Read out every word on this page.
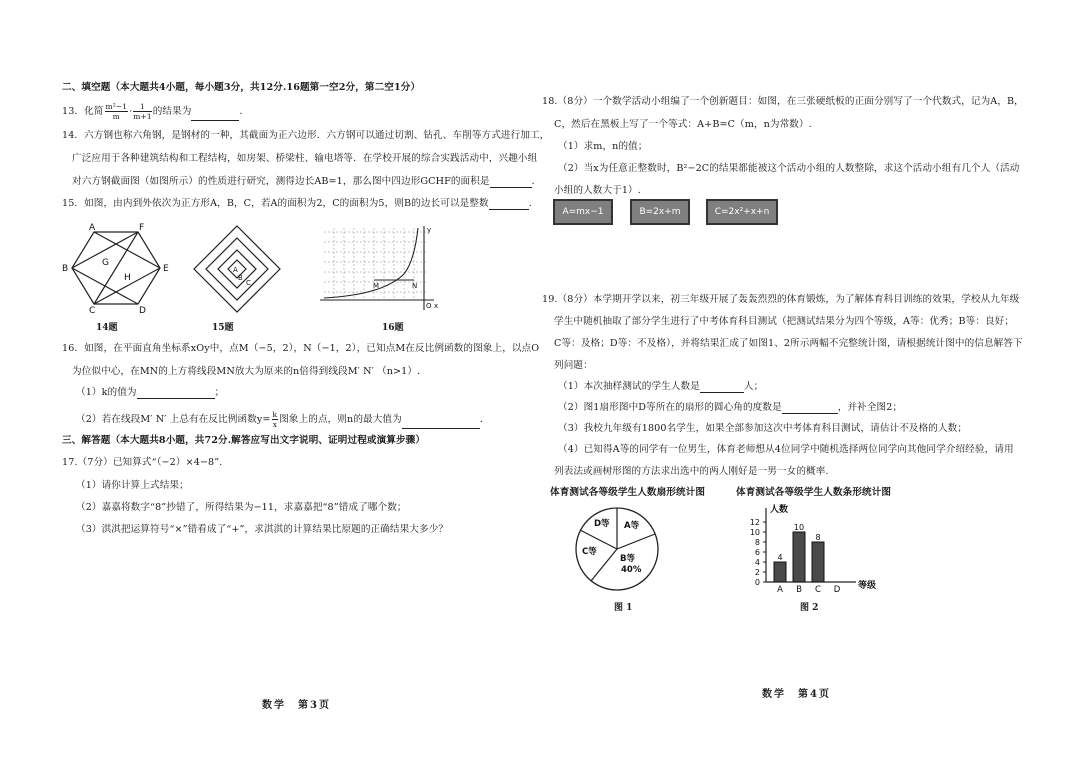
二、填空题（本大题共4小题，每小题3分，共12分.16题第一空2分，第二空1分）
13．化简 $\frac{\text{m²−1}}{m} \cdot \frac{1}{m+1}$ 的结果为	．
14．六方钢也称六角钢，是钢材的一种，其截面为正六边形．六方钢可以通过切割、钻孔、车削等方式进行加工，
广泛应用于各种建筑结构和工程结构，如房架、桥梁柱、输电塔等．在学校开展的综合实践活动中，兴趣小组
对六方钢截面图（如图所示）的性质进行研究，测得边长AB=1，那么图中四边形GCHF的面积是	．
15．如图，由内到外依次为正方形A，B，C，若A的面积为2，C的面积为5，则B的边长可以是整数	．
A	F
G
B	E
H
C	D
A
B
C
y
M	N
O x
14题	15题	16题
16．如图，在平面直角坐标系xOy中，点M（−5，2），N（−1，2），已知点M在反比例函数的图象上，以点O
为位似中心，在MN的上方将线段MN放大为原来的n倍得到线段M′ N′ （n>1）.
（1）k的值为	；
（2）若在线段M′ N′ 上总有在反比例函数$y= \frac{k}{x}$ 图象上的点，则n的最大值为	．
三、解答题（本大题共8小题，共72分.解答应写出文字说明、证明过程或演算步骤）
17.（7分）已知算式“（−2）×4−8”.
（1）请你计算上式结果；
（2）嘉嘉将数字“8”抄错了，所得结果为−11，求嘉嘉把“8”错成了哪个数；
（3）淇淇把运算符号“×”错看成了“+”，求淇淇的计算结果比原题的正确结果大多少？
数学　第3页
18.（8分）一个数学活动小组编了一个创新题目：如图，在三张硬纸板的正面分别写了一个代数式，记为A，B，
C，然后在黑板上写了一个等式：A+B=C（m，n为常数）.
（1）求m，n的值；
（2）当x为任意正整数时，B²−2C的结果都能被这个活动小组的人数整除，求这个活动小组有几个人（活动
小组的人数大于1）.
A=mx−1	B=2x+m	C=2x²+x+n
19.（8分）本学期开学以来，初三年级开展了轰轰烈烈的体育锻炼，为了解体育科目训练的效果，学校从九年级
学生中随机抽取了部分学生进行了中考体育科目测试（把测试结果分为四个等级，A等：优秀；B等：良好；
C等：及格；D等：不及格），并将结果汇成了如图1、2所示两幅不完整统计图，请根据统计图中的信息解答下
列问题：
（1）本次抽样测试的学生人数是	人；
（2）图1扇形图中D等所在的扇形的圆心角的度数是	，并补全图2；
（3）我校九年级有1800名学生，如果全部参加这次中考体育科目测试，请估计不及格的人数；
（4）已知得A等的同学有一位男生，体育老师想从4位同学中随机选择两位同学向其他同学介绍经验，请用
列表法或画树形图的方法求出选中的两人刚好是一男一女的概率.
体育测试各等级学生人数扇形统计图	体育测试各等级学生人数条形统计图
A等
B等
40%
C等
D等
人数
等级
0
2
4
6
8
10
12
4
A
10
B
8
C D
图 1	图 2
数学　第4页
